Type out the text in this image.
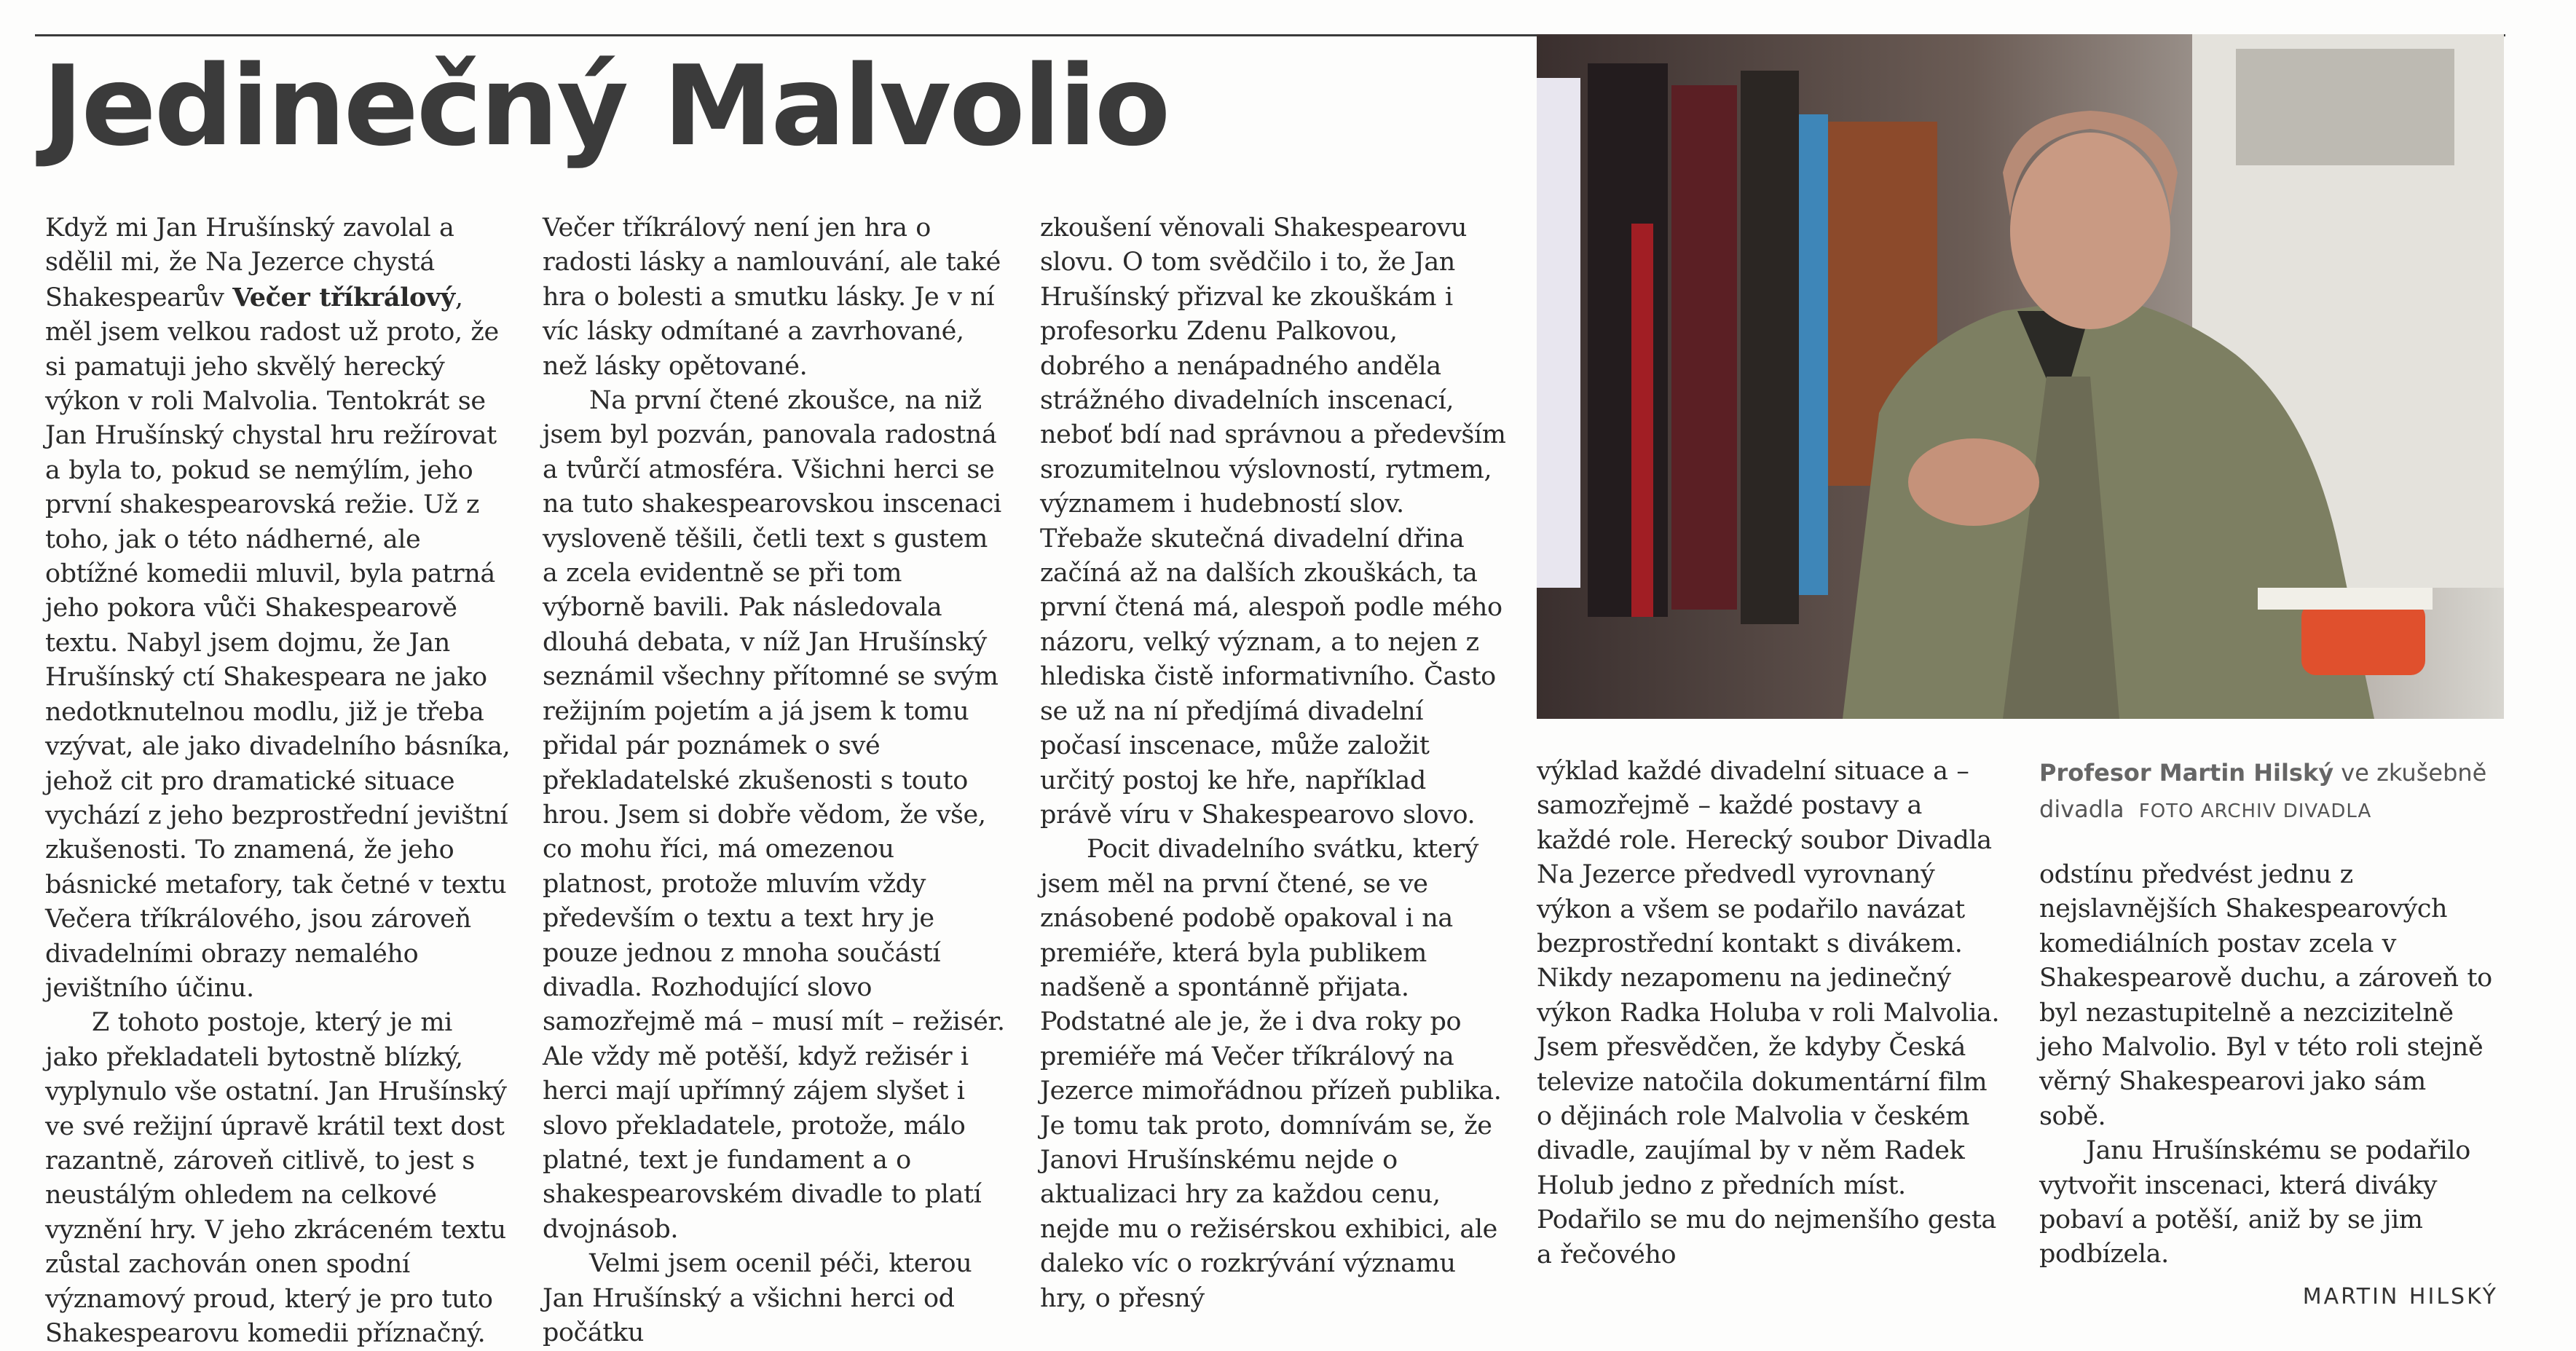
Jedinečný Malvolio

Když mi Jan Hrušínský zavolal a sdělil mi, že Na Jezerce chystá Shakespearův Večer tříkrálový, měl jsem velkou radost už proto, že si pamatuji jeho skvělý herecký výkon v roli Malvolia. Tentokrát se Jan Hrušínský chystal hru režírovat a byla to, pokud se nemýlím, jeho první shakespearovská režie. Už z toho, jak o této nádherné, ale obtížné komedii mluvil, byla patrná jeho pokora vůči Shakespearově textu. Nabyl jsem dojmu, že Jan Hrušínský ctí Shakespeara ne jako nedotknutelnou modlu, již je třeba vzývat, ale jako divadelního básníka, jehož cit pro dramatické situace vychází z jeho bezprostřední jevištní zkušenosti. To znamená, že jeho básnické metafory, tak četné v textu Večera tříkrálového, jsou zároveň divadelními obrazy nemalého jevištního účinu.

Z tohoto postoje, který je mi jako překladateli bytostně blízký, vyplynulo vše ostatní. Jan Hrušínský ve své režijní úpravě krátil text dost razantně, zároveň citlivě, to jest s neustálým ohledem na celkové vyznění hry. V jeho zkráceném textu zůstal zachován onen spodní významový proud, který je pro tuto Shakespearovu komedii příznačný.

Večer tříkrálový není jen hra o radosti lásky a namlouvání, ale také hra o bolesti a smutku lásky. Je v ní víc lásky odmítané a zavrhované, než lásky opětované.

Na první čtené zkoušce, na niž jsem byl pozván, panovala radostná a tvůrčí atmosféra. Všichni herci se na tuto shakespearovskou inscenaci vysloveně těšili, četli text s gustem a zcela evidentně se při tom výborně bavili. Pak následovala dlouhá debata, v níž Jan Hrušínský seznámil všechny přítomné se svým režijním pojetím a já jsem k tomu přidal pár poznámek o své překladatelské zkušenosti s touto hrou. Jsem si dobře vědom, že vše, co mohu říci, má omezenou platnost, protože mluvím vždy především o textu a text hry je pouze jednou z mnoha součástí divadla. Rozhodující slovo samozřejmě má – musí mít – režisér. Ale vždy mě potěší, když režisér i herci mají upřímný zájem slyšet i slovo překladatele, protože, málo platné, text je fundament a o shakespearovském divadle to platí dvojnásob.

Velmi jsem ocenil péči, kterou Jan Hrušínský a všichni herci od počátku

zkoušení věnovali Shakespearovu slovu. O tom svědčilo i to, že Jan Hrušínský přizval ke zkouškám i profesorku Zdenu Palkovou, dobrého a nenápadného anděla strážného divadelních inscenací, neboť bdí nad správnou a především srozumitelnou výslovností, rytmem, významem i hudebností slov. Třebaže skutečná divadelní dřina začíná až na dalších zkouškách, ta první čtená má, alespoň podle mého názoru, velký význam, a to nejen z hlediska čistě informativního. Často se už na ní předjímá divadelní počasí inscenace, může založit určitý postoj ke hře, například právě víru v Shakespearovo slovo.

Pocit divadelního svátku, který jsem měl na první čtené, se ve znásobené podobě opakoval i na premiéře, která byla publikem nadšeně a spontánně přijata. Podstatné ale je, že i dva roky po premiéře má Večer tříkrálový na Jezerce mimořádnou přízeň publika. Je tomu tak proto, domnívám se, že Janovi Hrušínskému nejde o aktualizaci hry za každou cenu, nejde mu o režisérskou exhibici, ale daleko víc o rozkrývání významu hry, o přesný

Profesor Martin Hilský ve zkušebně divadla FOTO ARCHIV DIVADLA

výklad každé divadelní situace a – samozřejmě – každé postavy a každé role. Herecký soubor Divadla Na Jezerce předvedl vyrovnaný výkon a všem se podařilo navázat bezprostřední kontakt s divákem. Nikdy nezapomenu na jedinečný výkon Radka Holuba v roli Malvolia. Jsem přesvědčen, že kdyby Česká televize natočila dokumentární film o dějinách role Malvolia v českém divadle, zaujímal by v něm Radek Holub jedno z předních míst. Podařilo se mu do nejmenšího gesta a řečového

odstínu předvést jednu z nejslavnějších Shakespearových komediálních postav zcela v Shakespearově duchu, a zároveň to byl nezastupitelně a nezcizitelně jeho Malvolio. Byl v této roli stejně věrný Shakespearovi jako sám sobě.

Janu Hrušínskému se podařilo vytvořit inscenaci, která diváky pobaví a potěší, aniž by se jim podbízela.

MARTIN HILSKÝ
